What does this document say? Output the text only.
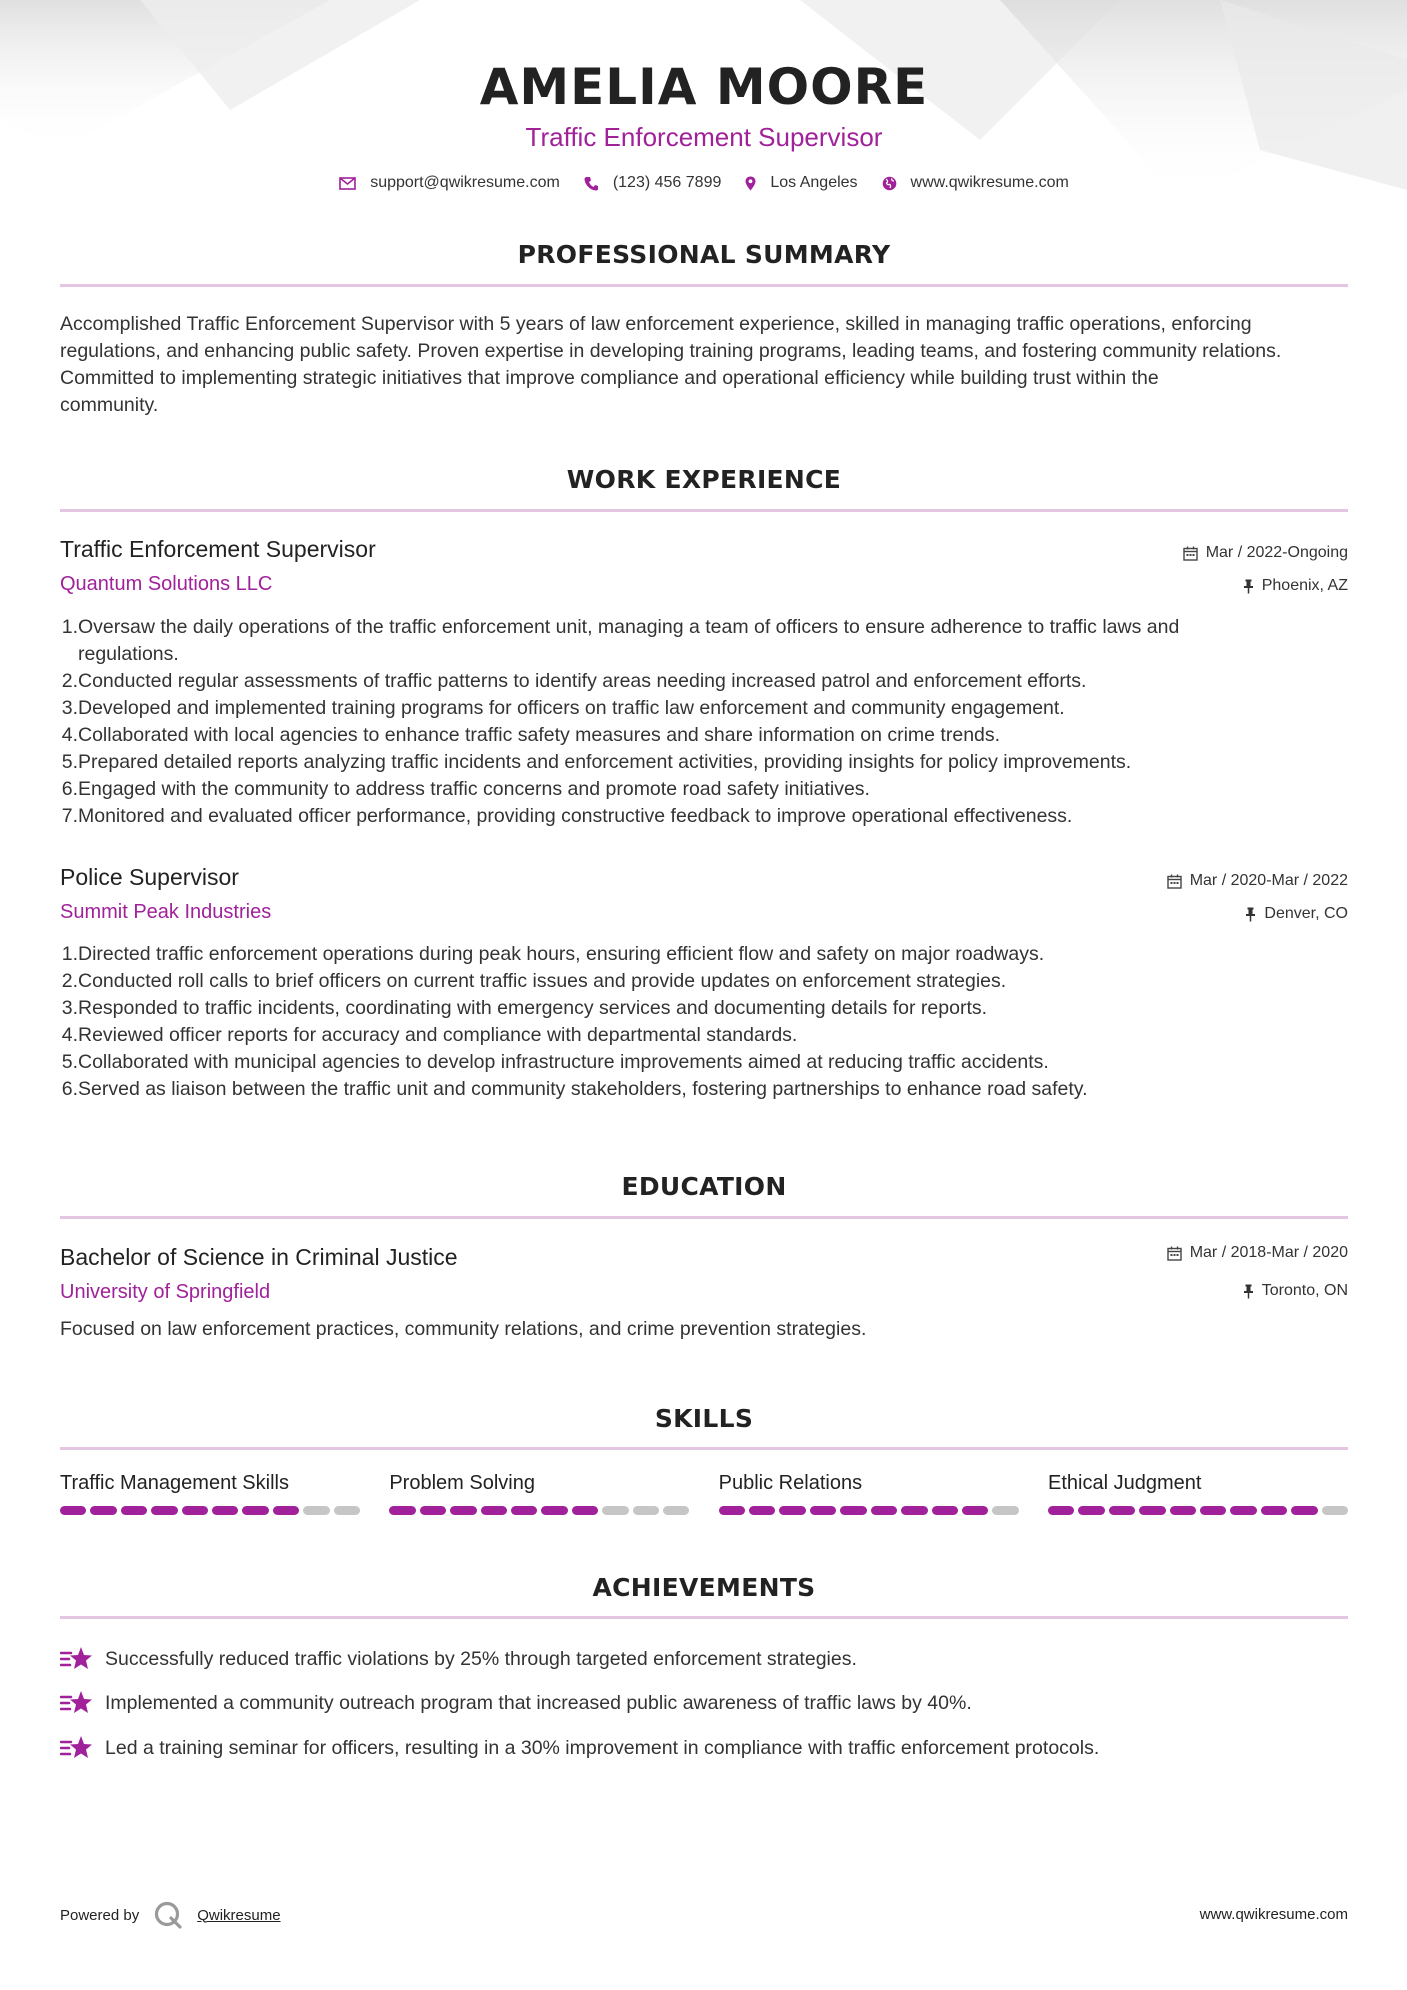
AMELIA MOORE
Traffic Enforcement Supervisor
support@qwikresume.com	(123) 456 7899	Los Angeles	www.qwikresume.com
PROFESSIONAL SUMMARY
Accomplished Traffic Enforcement Supervisor with 5 years of law enforcement experience, skilled in managing traffic operations, enforcing
regulations, and enhancing public safety. Proven expertise in developing training programs, leading teams, and fostering community relations.
Committed to implementing strategic initiatives that improve compliance and operational efficiency while building trust within the
community.
WORK EXPERIENCE
Traffic Enforcement Supervisor	Mar / 2022-Ongoing
Quantum Solutions LLC	Phoenix, AZ
1. Oversaw the daily operations of the traffic enforcement unit, managing a team of officers to ensure adherence to traffic laws and
regulations.
2. Conducted regular assessments of traffic patterns to identify areas needing increased patrol and enforcement efforts.
3. Developed and implemented training programs for officers on traffic law enforcement and community engagement.
4. Collaborated with local agencies to enhance traffic safety measures and share information on crime trends.
5. Prepared detailed reports analyzing traffic incidents and enforcement activities, providing insights for policy improvements.
6. Engaged with the community to address traffic concerns and promote road safety initiatives.
7. Monitored and evaluated officer performance, providing constructive feedback to improve operational effectiveness.
Police Supervisor	Mar / 2020-Mar / 2022
Summit Peak Industries	Denver, CO
1. Directed traffic enforcement operations during peak hours, ensuring efficient flow and safety on major roadways.
2. Conducted roll calls to brief officers on current traffic issues and provide updates on enforcement strategies.
3. Responded to traffic incidents, coordinating with emergency services and documenting details for reports.
4. Reviewed officer reports for accuracy and compliance with departmental standards.
5. Collaborated with municipal agencies to develop infrastructure improvements aimed at reducing traffic accidents.
6. Served as liaison between the traffic unit and community stakeholders, fostering partnerships to enhance road safety.
EDUCATION
Bachelor of Science in Criminal Justice	Mar / 2018-Mar / 2020
University of Springfield	Toronto, ON
Focused on law enforcement practices, community relations, and crime prevention strategies.
SKILLS
Traffic Management Skills	Problem Solving	Public Relations	Ethical Judgment
ACHIEVEMENTS
Successfully reduced traffic violations by 25% through targeted enforcement strategies.
Implemented a community outreach program that increased public awareness of traffic laws by 40%.
Led a training seminar for officers, resulting in a 30% improvement in compliance with traffic enforcement protocols.
Powered by	Qwikresume	www.qwikresume.com
